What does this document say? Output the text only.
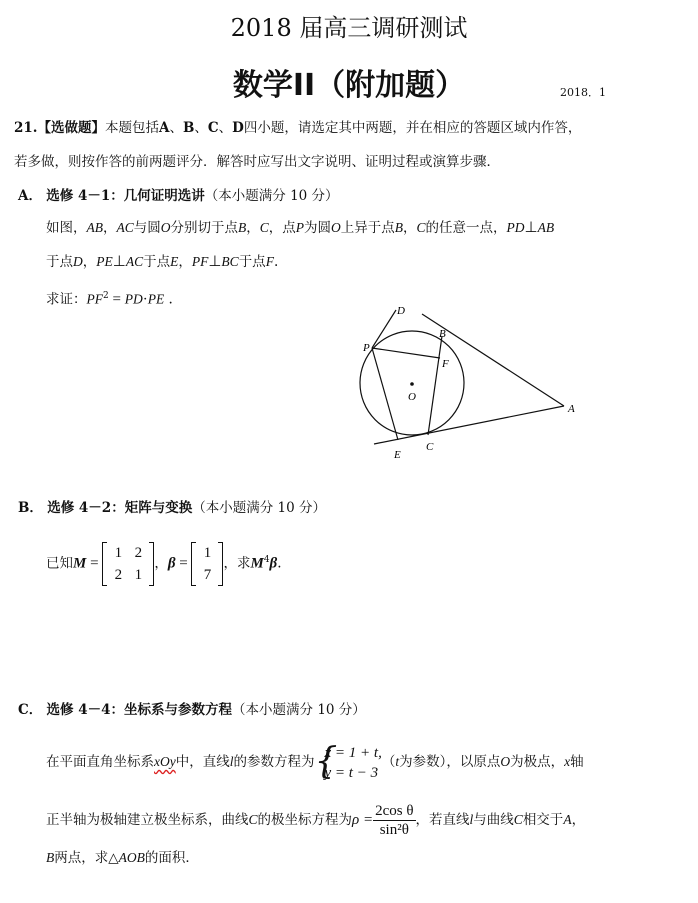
2018 届高三调研测试
数学II（附加题）	2018．1
21.【选做题】本题包括A、B、C、D四小题，请选定其中两题，并在相应的答题区域内作答，
若多做，则按作答的前两题评分．解答时应写出文字说明、证明过程或演算步骤．
A． 选修 4－1：几何证明选讲（本小题满分 10 分）
如图，AB，AC与圆O分别切于点B，C，点P为圆O上异于点B，C的任意一点，PD⊥AB
于点D，PE⊥AC于点E，PF⊥BC于点F.
求证：$PF^2 = PD\cdot PE$ .
D
B
P
F
O
A
E
C
B． 选修 4－2：矩阵与变换（本小题满分 10 分）
已知M =
1 2
2 1
，β =
1
7
，求$M^4\beta$.
C． 选修 4－4：坐标系与参数方程（本小题满分 10 分）
在平面直角坐标系xOy中，直线l的参数方程为 {
x = 1 + t,
y = t − 3
（t为参数），以原点O为极点，x轴
正半轴为极轴建立极坐标系，曲线C的极坐标方程为$\rho = \frac{\text{2cos θ}}{\text{sin²θ}}$ ，若直线l与曲线C相交于A，
B两点，求△AOB的面积．
